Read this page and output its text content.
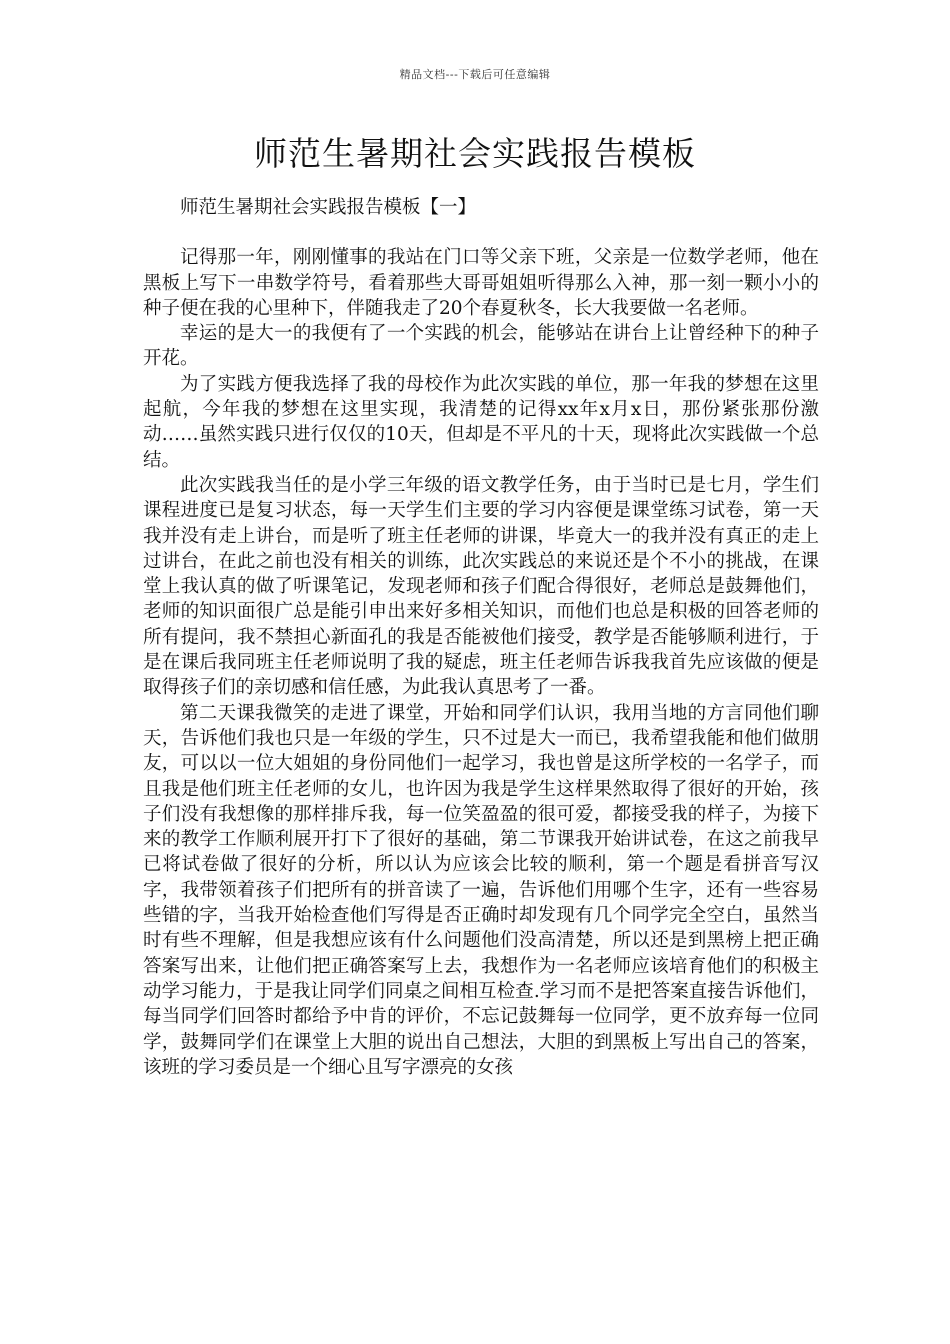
精品文档---下载后可任意编辑
师范生暑期社会实践报告模板

师范生暑期社会实践报告模板【一】

记得那一年，刚刚懂事的我站在门口等父亲下班，父亲是一位数学老师，他在黑板上写下一串数学符号，看着那些大哥哥姐姐听得那么入神，那一刻一颗小小的种子便在我的心里种下，伴随我走了20个春夏秋冬，长大我要做一名老师。

幸运的是大一的我便有了一个实践的机会，能够站在讲台上让曾经种下的种子开花。

为了实践方便我选择了我的母校作为此次实践的单位，那一年我的梦想在这里起航，今年我的梦想在这里实现，我清楚的记得xx年x月x日，那份紧张那份激动……虽然实践只进行仅仅的10天，但却是不平凡的十天，现将此次实践做一个总结。

此次实践我当任的是小学三年级的语文教学任务，由于当时已是七月，学生们课程进度已是复习状态，每一天学生们主要的学习内容便是课堂练习试卷，第一天我并没有走上讲台，而是听了班主任老师的讲课，毕竟大一的我并没有真正的走上过讲台，在此之前也没有相关的训练，此次实践总的来说还是个不小的挑战，在课堂上我认真的做了听课笔记，发现老师和孩子们配合得很好，老师总是鼓舞他们，老师的知识面很广总是能引申出来好多相关知识，而他们也总是积极的回答老师的所有提问，我不禁担心新面孔的我是否能被他们接受，教学是否能够顺利进行，于是在课后我同班主任老师说明了我的疑虑，班主任老师告诉我我首先应该做的便是取得孩子们的亲切感和信任感，为此我认真思考了一番。

第二天课我微笑的走进了课堂，开始和同学们认识，我用当地的方言同他们聊天，告诉他们我也只是一年级的学生，只不过是大一而已，我希望我能和他们做朋友，可以以一位大姐姐的身份同他们一起学习，我也曾是这所学校的一名学子，而且我是他们班主任老师的女儿，也许因为我是学生这样果然取得了很好的开始，孩子们没有我想像的那样排斥我，每一位笑盈盈的很可爱，都接受我的样子，为接下来的教学工作顺利展开打下了很好的基础，第二节课我开始讲试卷，在这之前我早已将试卷做了很好的分析，所以认为应该会比较的顺利，第一个题是看拼音写汉字，我带领着孩子们把所有的拼音读了一遍，告诉他们用哪个生字，还有一些容易些错的字，当我开始检查他们写得是否正确时却发现有几个同学完全空白，虽然当时有些不理解，但是我想应该有什么问题他们没高清楚，所以还是到黑榜上把正确答案写出来，让他们把正确答案写上去，我想作为一名老师应该培育他们的积极主动学习能力，于是我让同学们同桌之间相互检查.学习而不是把答案直接告诉他们，每当同学们回答时都给予中肯的评价，不忘记鼓舞每一位同学，更不放弃每一位同学，鼓舞同学们在课堂上大胆的说出自己想法，大胆的到黑板上写出自己的答案，该班的学习委员是一个细心且写字漂亮的女孩
